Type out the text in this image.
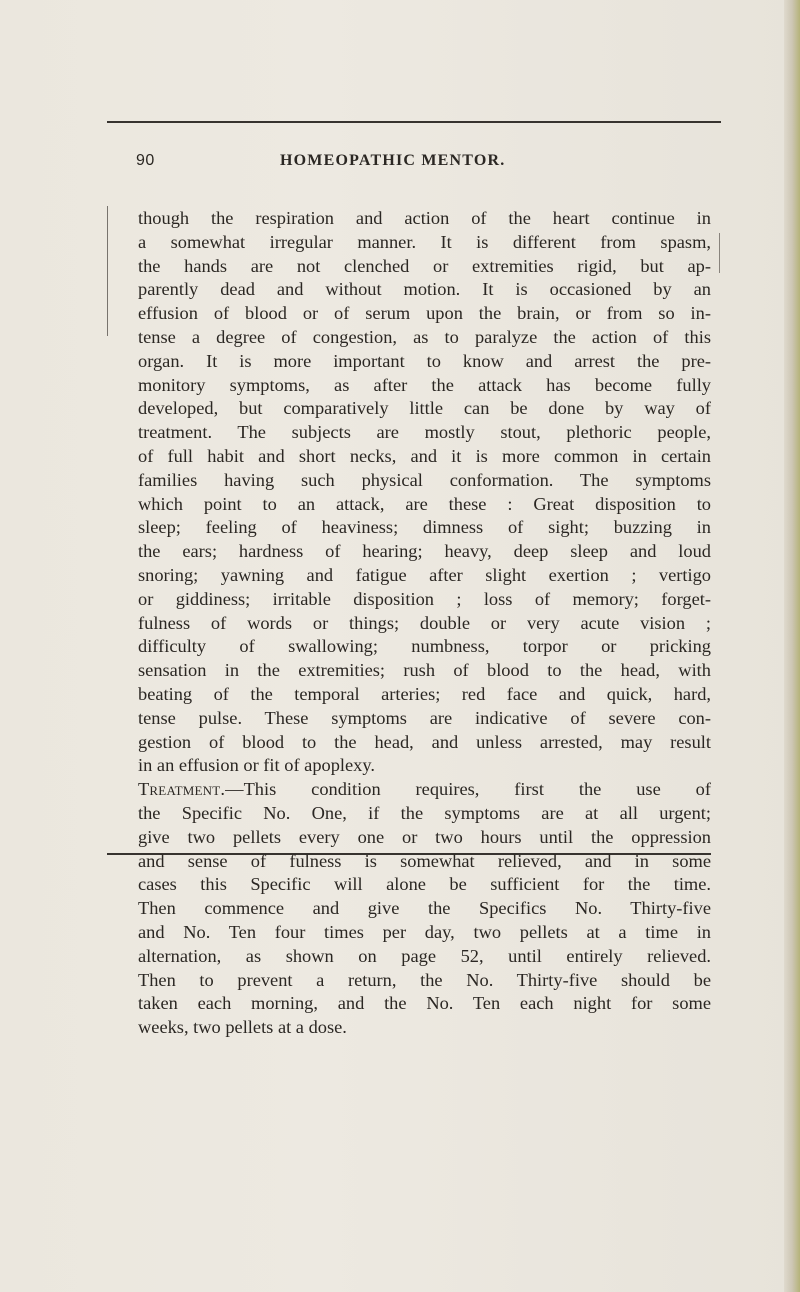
90	HOMEOPATHIC MENTOR.
though the respiration and action of the heart continue in
a somewhat irregular manner. It is different from spasm,
the hands are not clenched or extremities rigid, but ap-
parently dead and without motion. It is occasioned by an
effusion of blood or of serum upon the brain, or from so in-
tense a degree of congestion, as to paralyze the action of this
organ. It is more important to know and arrest the pre-
monitory symptoms, as after the attack has become fully
developed, but comparatively little can be done by way of
treatment. The subjects are mostly stout, plethoric people,
of full habit and short necks, and it is more common in certain
families having such physical conformation. The symptoms
which point to an attack, are these : Great disposition to
sleep; feeling of heaviness; dimness of sight; buzzing in
the ears; hardness of hearing; heavy, deep sleep and loud
snoring; yawning and fatigue after slight exertion ; vertigo
or giddiness; irritable disposition ; loss of memory; forget-
fulness of words or things; double or very acute vision ;
difficulty of swallowing; numbness, torpor or pricking
sensation in the extremities; rush of blood to the head, with
beating of the temporal arteries; red face and quick, hard,
tense pulse. These symptoms are indicative of severe con-
gestion of blood to the head, and unless arrested, may result
in an effusion or fit of apoplexy.
Treatment.—This condition requires, first the use of
the Specific No. One, if the symptoms are at all urgent;
give two pellets every one or two hours until the oppression
and sense of fulness is somewhat relieved, and in some
cases this Specific will alone be sufficient for the time.
Then commence and give the Specifics No. Thirty-five
and No. Ten four times per day, two pellets at a time in
alternation, as shown on page 52, until entirely relieved.
Then to prevent a return, the No. Thirty-five should be
taken each morning, and the No. Ten each night for some
weeks, two pellets at a dose.
